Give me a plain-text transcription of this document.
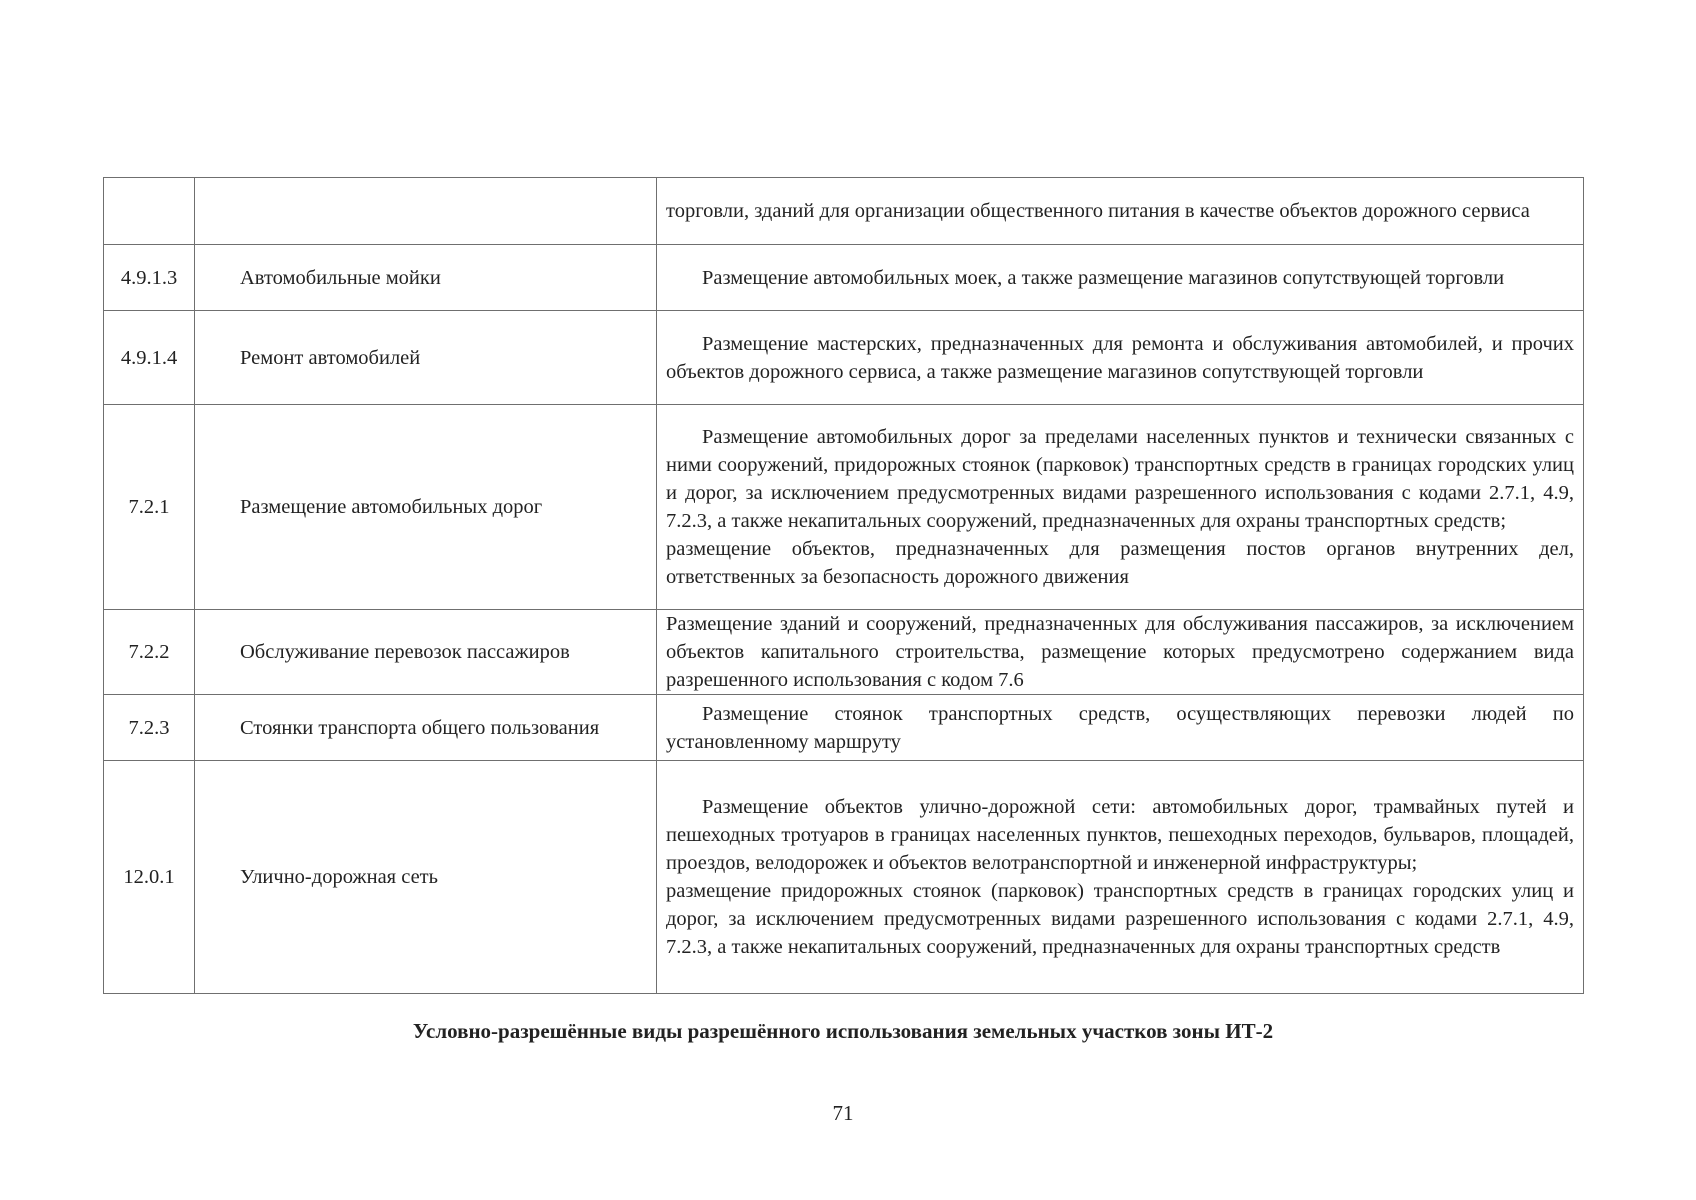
		торговли, зданий для организации общественного питания в качестве объектов дорожного сервиса

4.9.1.3	Автомобильные мойки	Размещение автомобильных моек, а также размещение магазинов сопутствующей торговли

4.9.1.4	Ремонт автомобилей	Размещение мастерских, предназначенных для ремонта и обслуживания автомобилей, и прочих объектов дорожного сервиса, а также размещение магазинов сопутствующей торговли

7.2.1	Размещение автомобильных дорог	Размещение автомобильных дорог за пределами населенных пунктов и технически связанных с ними сооружений, придорожных стоянок (парковок) транспортных средств в границах городских улиц и дорог, за исключением предусмотренных видами разрешенного использования с кодами 2.7.1, 4.9, 7.2.3, а также некапитальных сооружений, предназначенных для охраны транспортных средств;

размещение объектов, предназначенных для размещения постов органов внутренних дел, ответственных за безопасность дорожного движения

7.2.2	Обслуживание перевозок пассажиров	Размещение зданий и сооружений, предназначенных для обслуживания пассажиров, за исключением объектов капитального строительства, размещение которых предусмотрено содержанием вида разрешенного использования с кодом 7.6

7.2.3	Стоянки транспорта общего пользования	Размещение стоянок транспортных средств, осуществляющих перевозки людей по установленному маршруту

12.0.1	Улично-дорожная сеть	Размещение объектов улично-дорожной сети: автомобильных дорог, трамвайных путей и пешеходных тротуаров в границах населенных пунктов, пешеходных переходов, бульваров, площадей, проездов, велодорожек и объектов велотранспортной и инженерной инфраструктуры;

размещение придорожных стоянок (парковок) транспортных средств в границах городских улиц и дорог, за исключением предусмотренных видами разрешенного использования с кодами 2.7.1, 4.9, 7.2.3, а также некапитальных сооружений, предназначенных для охраны транспортных средств

Условно-разрешённые виды разрешённого использования земельных участков зоны ИТ-2

71
